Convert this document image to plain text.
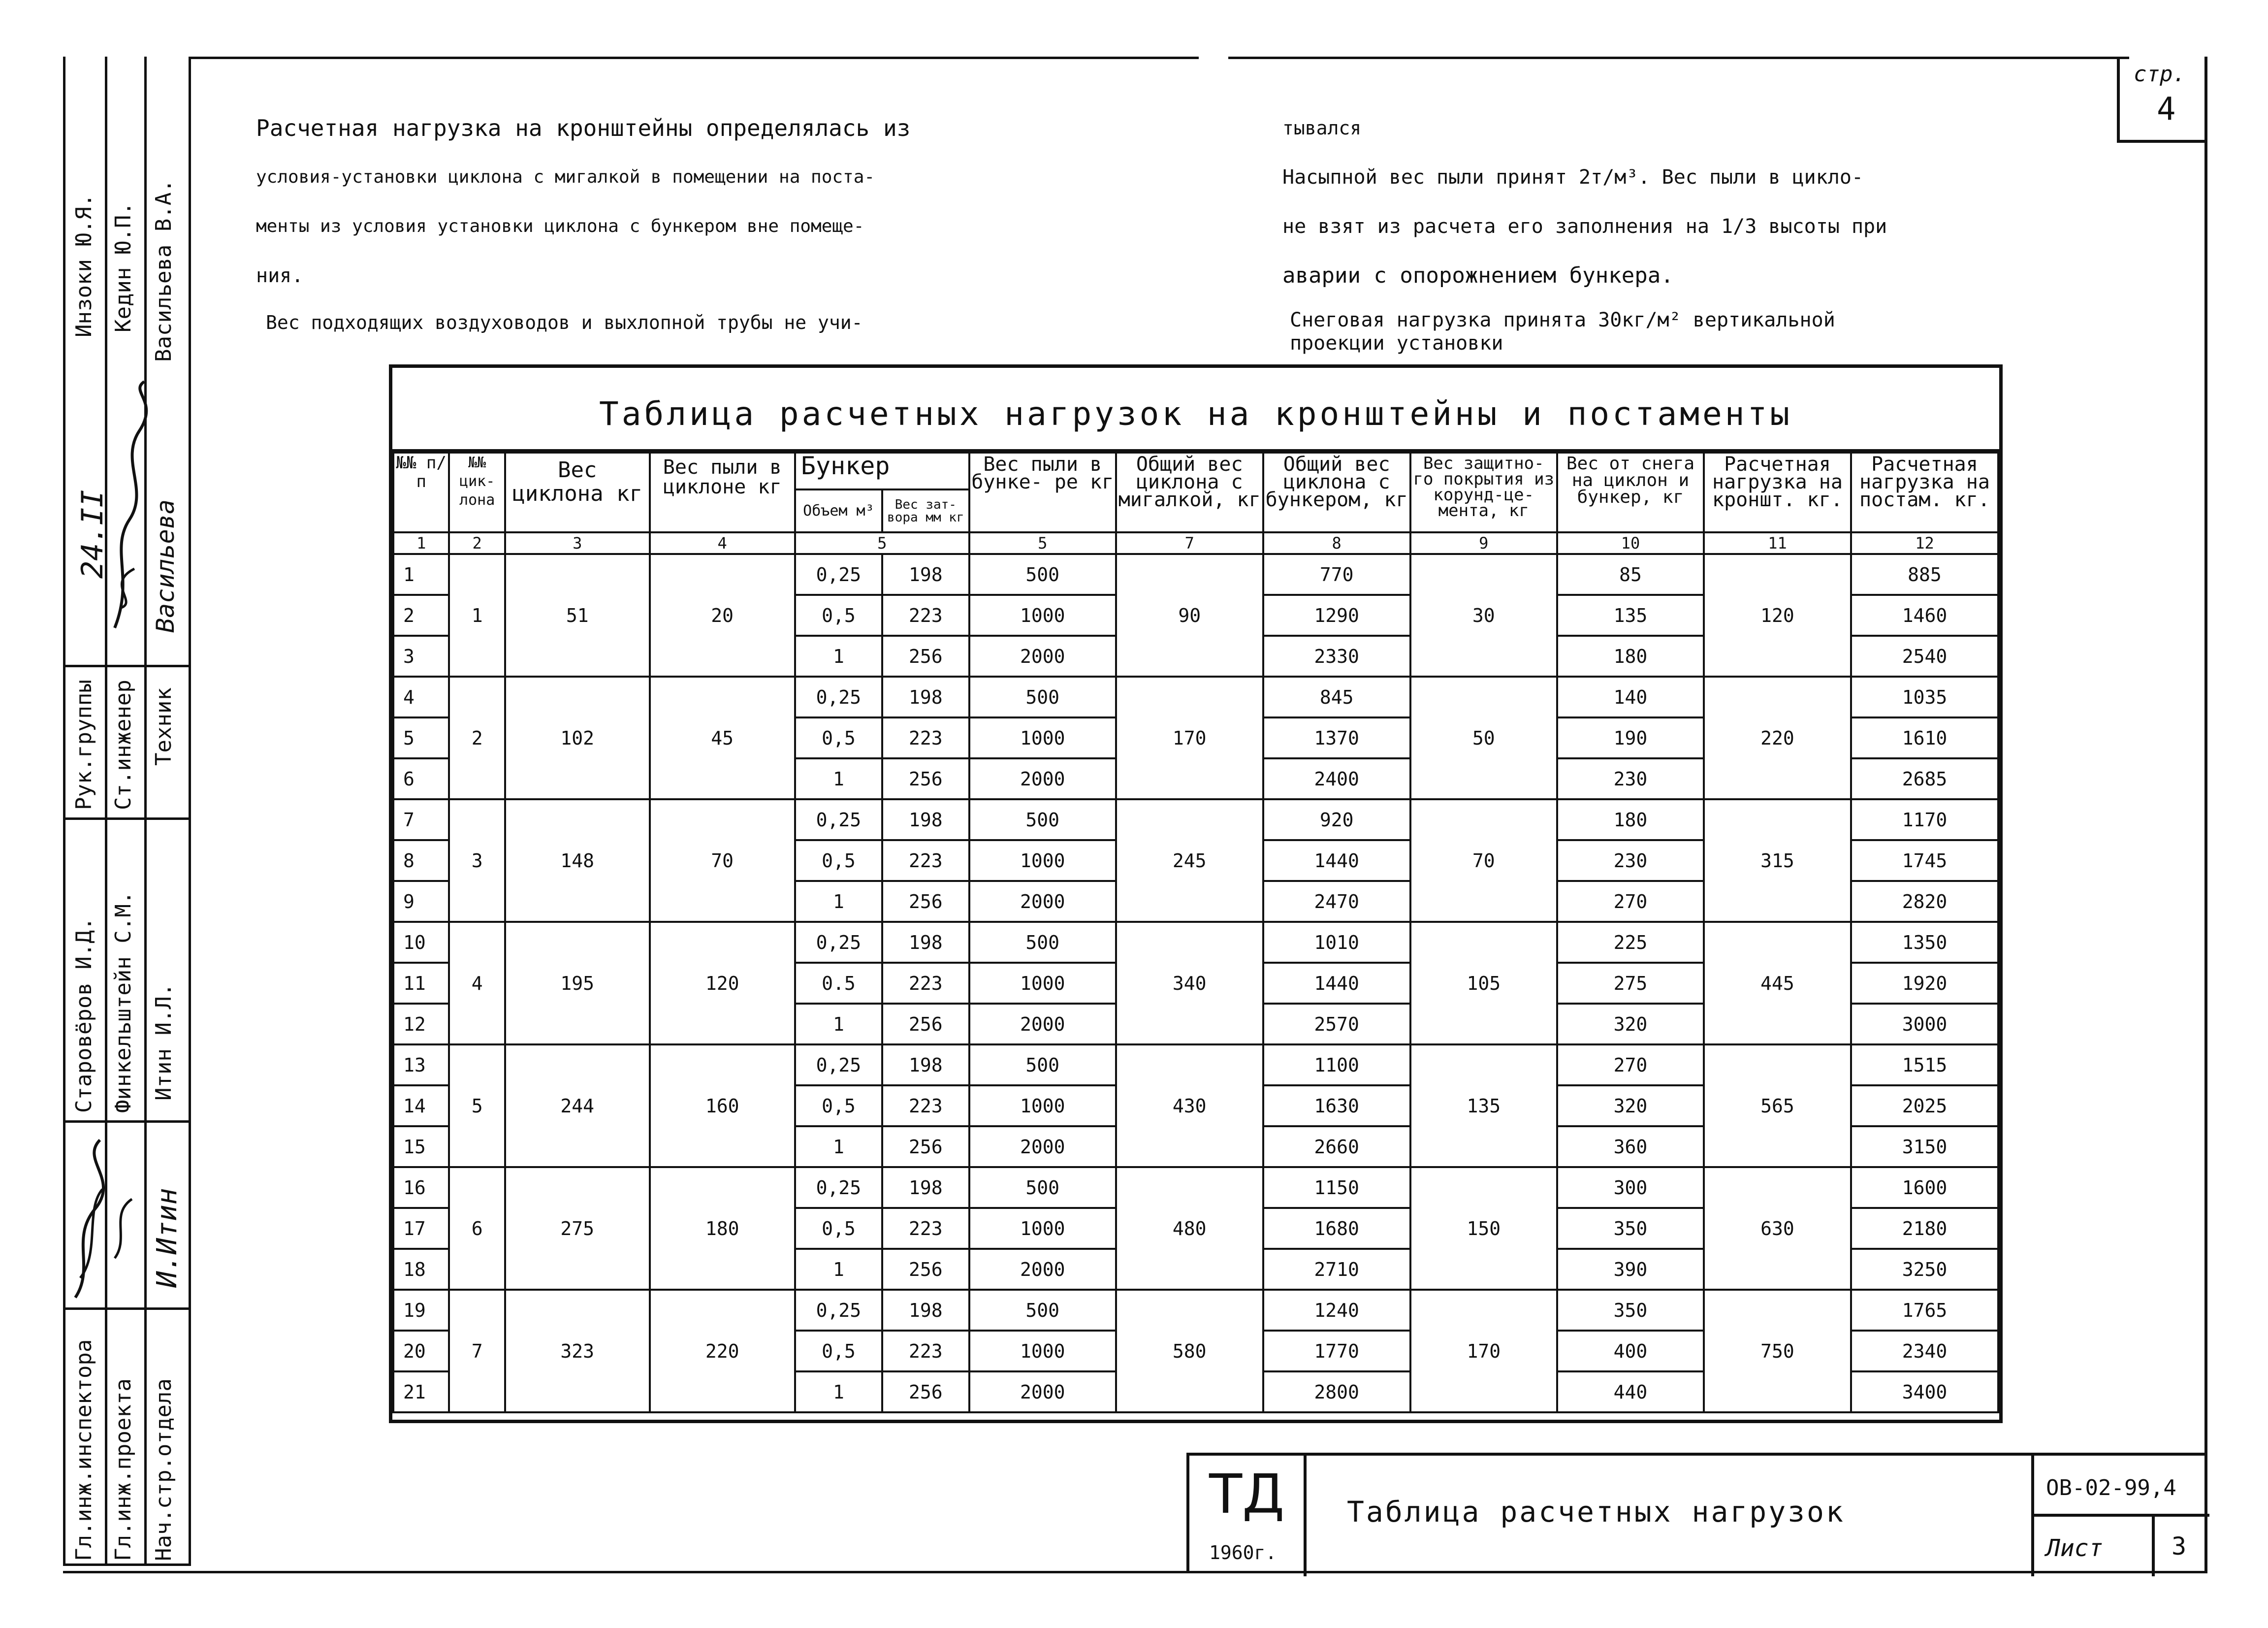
стр.
4
Гл.инж.инспектора
Старовёров И.Д.
Рук.группы
Инзоки Ю.Я.
Гл.инж.проекта
Финкельштейн С.М.
Ст.инженер
Кедин Ю.П.
Нач.стр.отдела
Итин И.Л.
Техник
Васильева В.А.
24.II
И.Итин
Васильева
Расчетная нагрузка на кронштейны определялась из
условия-установки циклона с мигалкой в помещении на поста-
менты из условия установки циклона с бункером вне помеще-
ния.
Вес подходящих воздуховодов и выхлопной трубы не учи-
тывался
Насыпной вес пыли принят 2т/м³. Вес пыли в цикло-
не взят из расчета его заполнения на 1/3 высоты при
аварии с опорожнением бункера.
Снеговая нагрузка принята 30кг/м² вертикальной
проекции установки
Таблица расчетных нагрузок на кронштейны и постаменты
№№ п/п	№№ цик- лона	Вес циклона кг	Вес пыли в циклоне кг	Бункер		Вес пыли в бунке- ре кг	Общий вес циклона с мигалкой, кг	Общий вес циклона с бункером, кг	Вес защитно- го покрытия из корунд-це- мента, кг	Вес от снега на циклон и бункер, кг	Расчетная нагрузка на кроншт. кг.	Расчетная нагрузка на постам. кг.
				Объем м³	Вес зат- вора мм кг							
1	2	3	4	5		5	7	8	9	10	11	12
1	1	51	20	0,25	198	500	90	770	30	85	120	885
2				0,5	223	1000		1290		135		1460
3				1	256	2000		2330		180		2540
4	2	102	45	0,25	198	500	170	845	50	140	220	1035
5				0,5	223	1000		1370		190		1610
6				1	256	2000		2400		230		2685
7	3	148	70	0,25	198	500	245	920	70	180	315	1170
8				0,5	223	1000		1440		230		1745
9				1	256	2000		2470		270		2820
10	4	195	120	0,25	198	500	340	1010	105	225	445	1350
11				0.5	223	1000		1440		275		1920
12				1	256	2000		2570		320		3000
13	5	244	160	0,25	198	500	430	1100	135	270	565	1515
14				0,5	223	1000		1630		320		2025
15				1	256	2000		2660		360		3150
16	6	275	180	0,25	198	500	480	1150	150	300	630	1600
17				0,5	223	1000		1680		350		2180
18				1	256	2000		2710		390		3250
19	7	323	220	0,25	198	500	580	1240	170	350	750	1765
20				0,5	223	1000		1770		400		2340
21				1	256	2000		2800		440		3400
ТД
1960г.
Таблица расчетных нагрузок
ОВ-02-99,4
Лист	3
